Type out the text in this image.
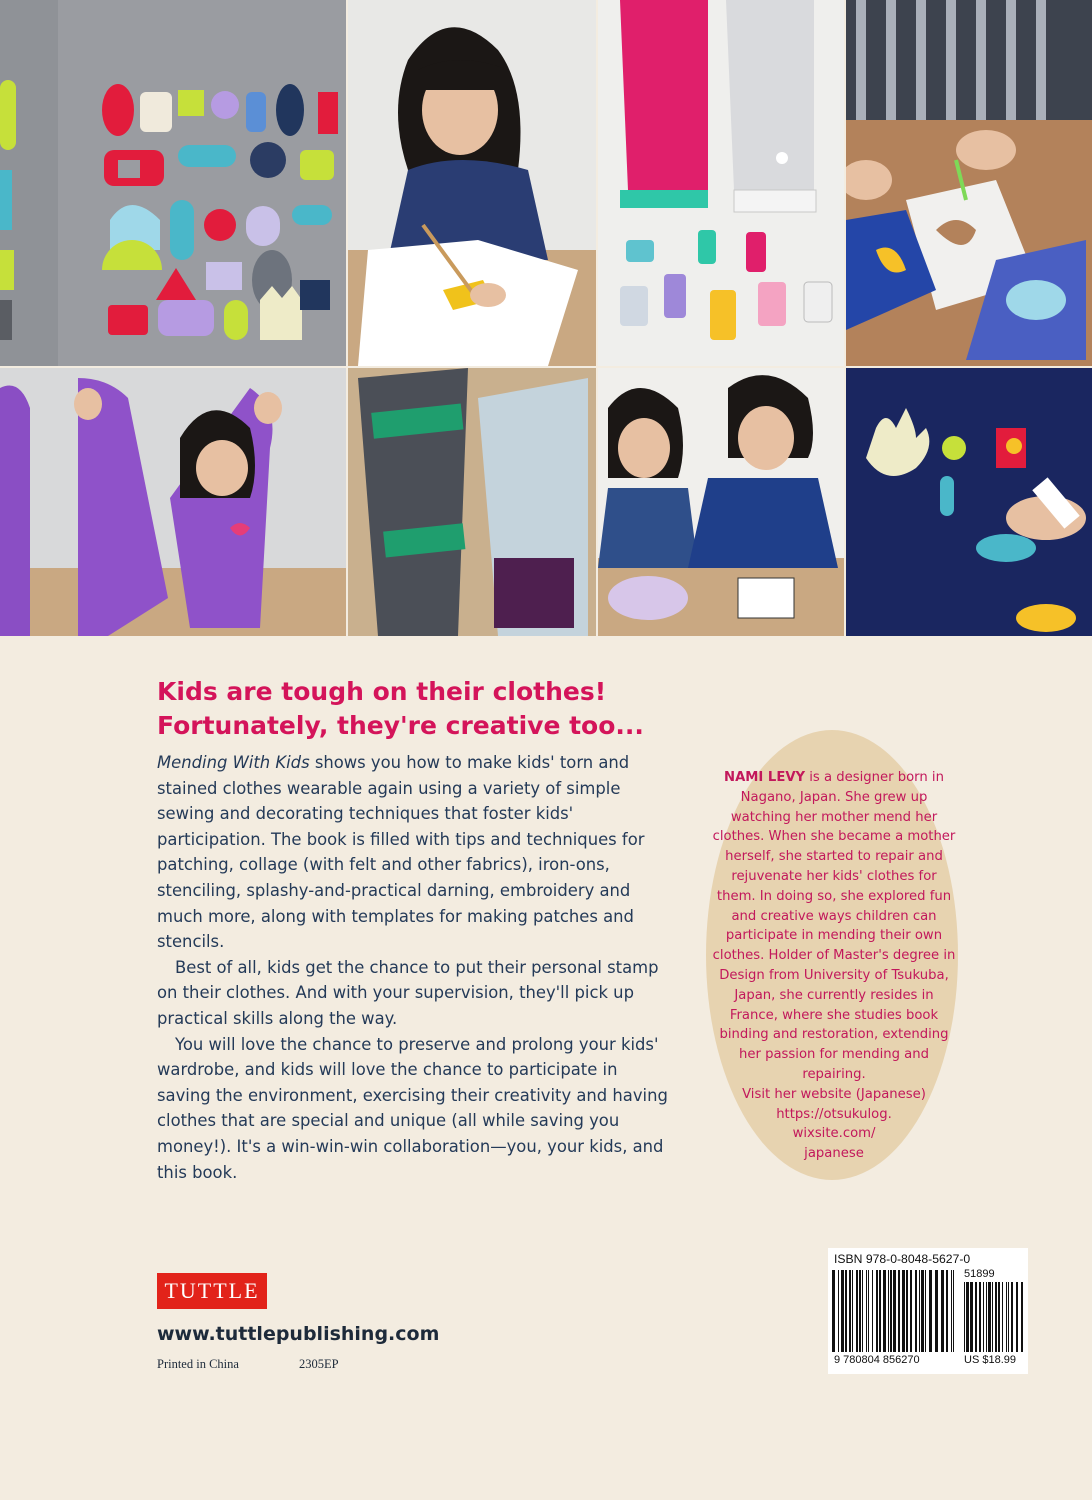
Kids are tough on their clothes!
Fortunately, they're creative too...

Mending With Kids shows you how to make kids' torn and stained clothes wearable again using a variety of simple sewing and decorating techniques that foster kids' participation. The book is filled with tips and techniques for patching, collage (with felt and other fabrics), iron-ons, stenciling, splashy-and-practical darning, embroidery and much more, along with templates for making patches and stencils.

Best of all, kids get the chance to put their personal stamp on their clothes. And with your supervision, they'll pick up practical skills along the way.

You will love the chance to preserve and prolong your kids' wardrobe, and kids will love the chance to participate in saving the environment, exercising their creativity and having clothes that are special and unique (all while saving you money!). It's a win-win-win collaboration—you, your kids, and this book.

NAMI LEVY is a designer born in Nagano, Japan. She grew up watching her mother mend her clothes. When she became a mother herself, she started to repair and rejuvenate her kids' clothes for them. In doing so, she explored fun and creative ways children can participate in mending their own clothes. Holder of Master's degree in Design from University of Tsukuba, Japan, she currently resides in France, where she studies book binding and restoration, extending her passion for mending and repairing.
Visit her website (Japanese)
https://otsukulog.
wixsite.com/
japanese
TUTTLE
www.tuttlepublishing.com
Printed in China	2305EP
ISBN 978-0-8048-5627-0
51899
9 780804 856270	US $18.99
